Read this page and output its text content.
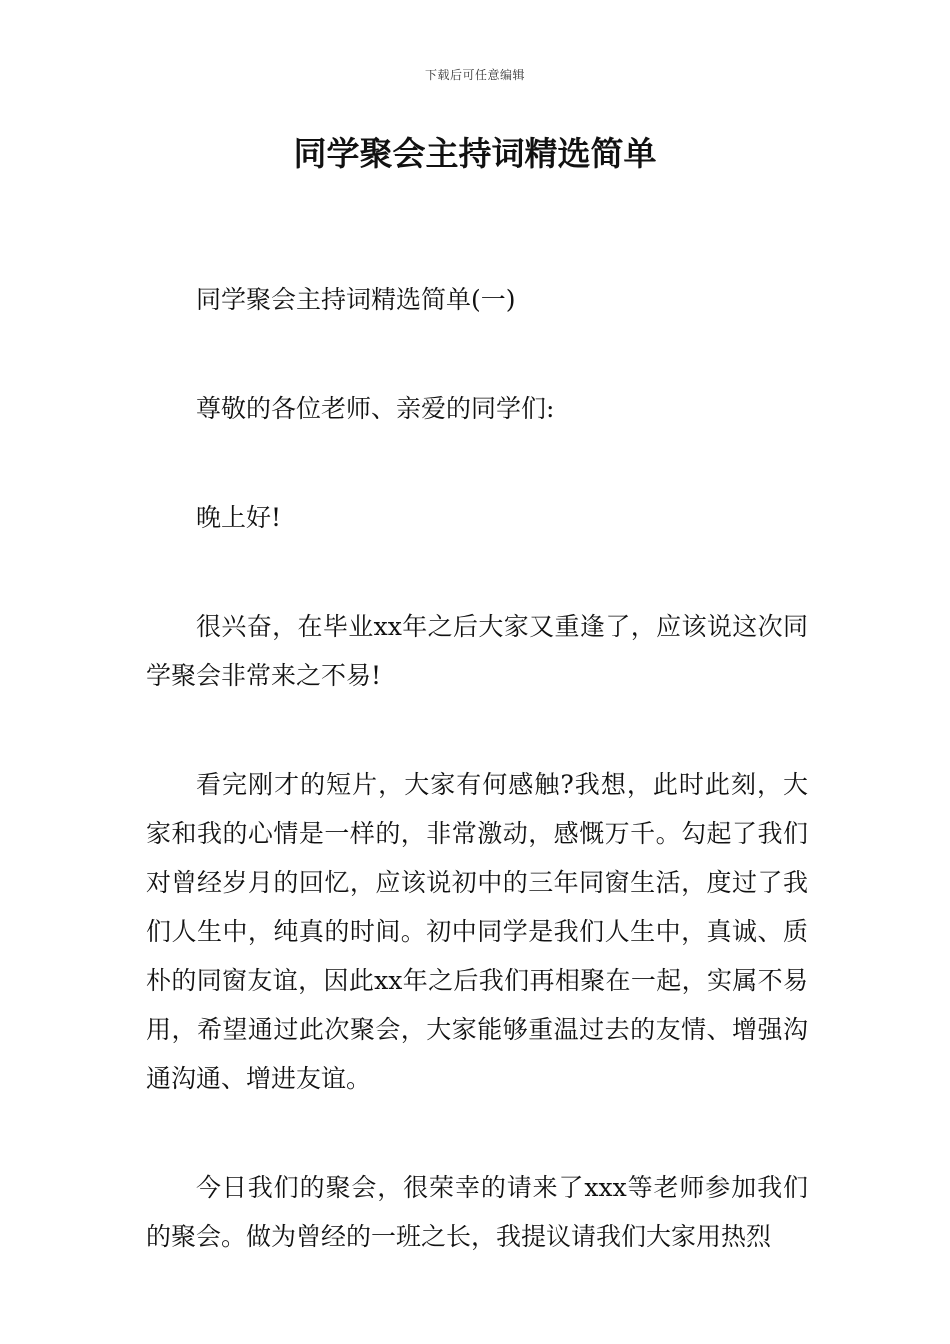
下载后可任意编辑
同学聚会主持词精选简单

同学聚会主持词精选简单(一)

尊敬的各位老师、亲爱的同学们:

晚上好!

很兴奋，在毕业xx年之后大家又重逢了，应该说这次同学聚会非常来之不易!

看完刚才的短片，大家有何感触?我想，此时此刻，大家和我的心情是一样的，非常激动，感慨万千。勾起了我们对曾经岁月的回忆，应该说初中的三年同窗生活，度过了我们人生中，纯真的时间。初中同学是我们人生中，真诚、质朴的同窗友谊，因此xx年之后我们再相聚在一起，实属不易用，希望通过此次聚会，大家能够重温过去的友情、增强沟通沟通、增进友谊。

今日我们的聚会，很荣幸的请来了xxx等老师参加我们的聚会。做为曾经的一班之长，我提议请我们大家用热烈
